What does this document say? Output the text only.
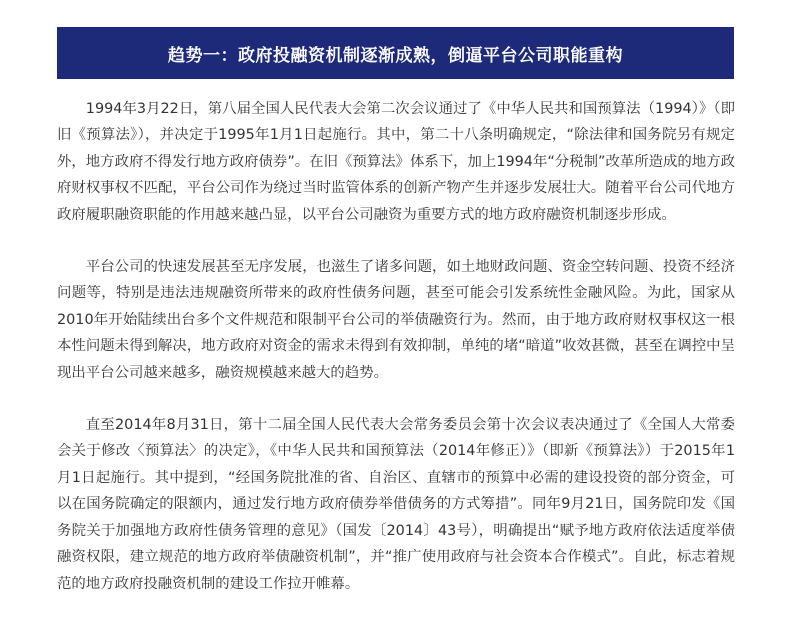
趋势一：政府投融资机制逐渐成熟，倒逼平台公司职能重构

1994年3月22日，第八届全国人民代表大会第二次会议通过了《中华人民共和国预算法（1994）》（即旧《预算法》），并决定于1995年1月1日起施行。其中，第二十八条明确规定，“除法律和国务院另有规定外，地方政府不得发行地方政府债券”。在旧《预算法》体系下，加上1994年“分税制”改革所造成的地方政府财权事权不匹配，平台公司作为绕过当时监管体系的创新产物产生并逐步发展壮大。随着平台公司代地方政府履职融资职能的作用越来越凸显，以平台公司融资为重要方式的地方政府融资机制逐步形成。

平台公司的快速发展甚至无序发展，也滋生了诸多问题，如土地财政问题、资金空转问题、投资不经济问题等，特别是违法违规融资所带来的政府性债务问题，甚至可能会引发系统性金融风险。为此，国家从2010年开始陆续出台多个文件规范和限制平台公司的举债融资行为。然而，由于地方政府财权事权这一根本性问题未得到解决，地方政府对资金的需求未得到有效抑制，单纯的堵“暗道”收效甚微，甚至在调控中呈现出平台公司越来越多，融资规模越来越大的趋势。

直至2014年8月31日，第十二届全国人民代表大会常务委员会第十次会议表决通过了《全国人大常委会关于修改〈预算法〉的决定》，《中华人民共和国预算法（2014年修正）》（即新《预算法》）于2015年1月1日起施行。其中提到，“经国务院批准的省、自治区、直辖市的预算中必需的建设投资的部分资金，可以在国务院确定的限额内，通过发行地方政府债券举借债务的方式筹措”。同年9月21日，国务院印发《国务院关于加强地方政府性债务管理的意见》（国发〔2014〕43号），明确提出“赋予地方政府依法适度举债融资权限，建立规范的地方政府举债融资机制”，并“推广使用政府与社会资本合作模式”。自此，标志着规范的地方政府投融资机制的建设工作拉开帷幕。
